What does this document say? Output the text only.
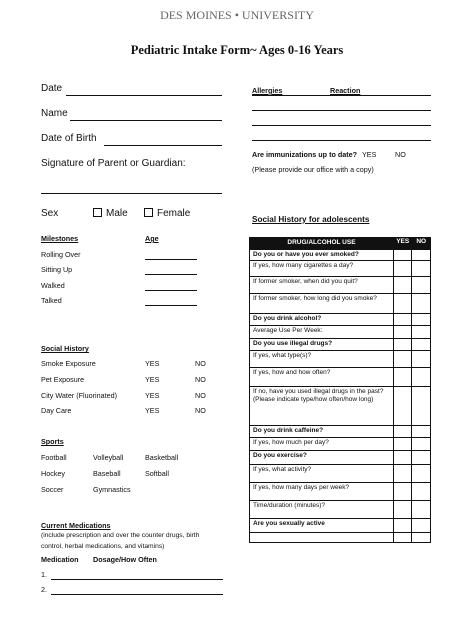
DES MOINES • UNIVERSITY
Pediatric Intake Form~ Ages 0-16 Years
Date
Name
Date of Birth
Signature of Parent or Guardian:
Sex	Male	Female
Milestones	Age
Rolling Over
Sitting Up
Walked
Talked
Social History
Smoke Exposure	YES	NO
Pet Exposure	YES	NO
City Water (Fluorinated)	YES	NO
Day Care	YES	NO
Sports
Football	Volleyball	Basketball
Hockey	Baseball	Softball
Soccer	Gymnastics
Current Medications
(include prescription and over the counter drugs, birth
control, herbal medications, and vitamins)
Medication Dosage/How Often
1.
2.
Allergies	Reaction
Are immunizations up to date? YES	NO
(Please provide our office with a copy)
Social History for adolescents
DRUG/ALCOHOL USE	YES	NO
Do you or have you ever smoked?		
If yes, how many cigarettes a day?		
If former smoker, when did you quit?		
If former smoker, how long did you smoke?		
Do you drink alcohol?		
Average Use Per Week:		
Do you use illegal drugs?		
If yes, what type(s)?		
If yes, how and how often?		
If no, have you used illegal drugs in the past? (Please indicate type/how often/how long)		
Do you drink caffeine?		
If yes, how much per day?		
Do you exercise?		
If yes, what activity?		
If yes, how many days per week?		
Time/duration (minutes)?		
Are you sexually active		
